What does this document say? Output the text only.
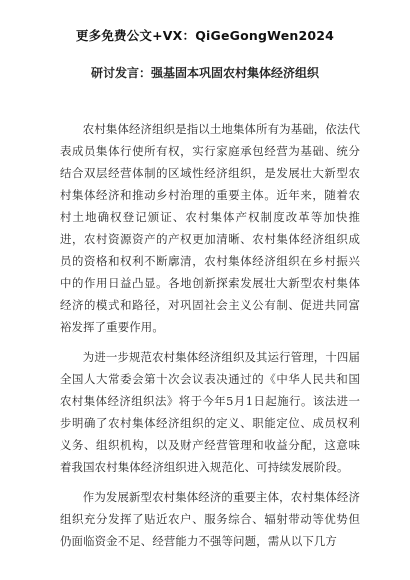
更多免费公文+VX：QiGeGongWen2024
研讨发言：强基固本巩固农村集体经济组织

农村集体经济组织是指以土地集体所有为基础，依法代表成员集体行使所有权，实行家庭承包经营为基础、统分结合双层经营体制的区域性经济组织，是发展壮大新型农村集体经济和推动乡村治理的重要主体。近年来，随着农村土地确权登记颁证、农村集体产权制度改革等加快推进，农村资源资产的产权更加清晰、农村集体经济组织成员的资格和权利不断廓清，农村集体经济组织在乡村振兴中的作用日益凸显。各地创新探索发展壮大新型农村集体经济的模式和路径，对巩固社会主义公有制、促进共同富裕发挥了重要作用。

为进一步规范农村集体经济组织及其运行管理，十四届全国人大常委会第十次会议表决通过的《中华人民共和国农村集体经济组织法》将于今年5月1日起施行。该法进一步明确了农村集体经济组织的定义、职能定位、成员权利义务、组织机构，以及财产经营管理和收益分配，这意味着我国农村集体经济组织进入规范化、可持续发展阶段。

作为发展新型农村集体经济的重要主体，农村集体经济组织充分发挥了贴近农户、服务综合、辐射带动等优势但仍面临资金不足、经营能力不强等问题，需从以下几方
